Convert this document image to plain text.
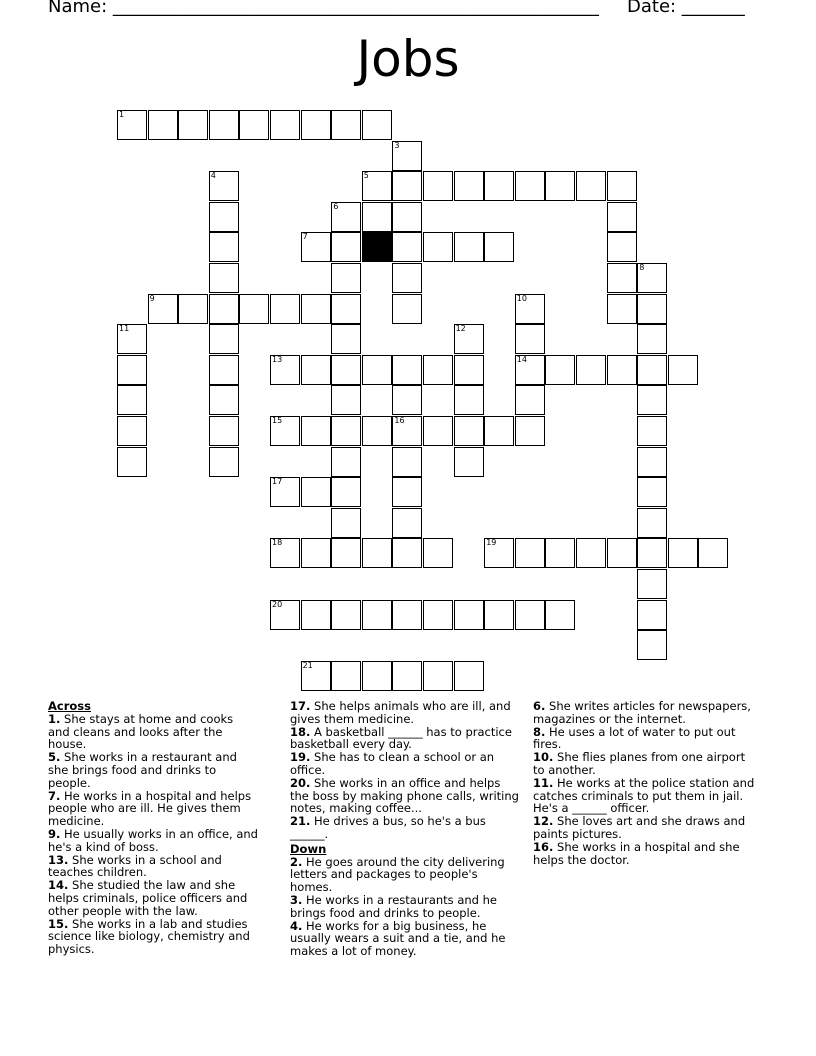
Name: ______________________________________________________ Date: _______
Jobs
1
3
4	5
6
7
9	10
14
8
11	12
13
15	16
17
18	19
20
21
Across
1. She stays at home and cooks and cleans and looks after the house.
5. She works in a restaurant and she brings food and drinks to people.
7. He works in a hospital and helps people who are ill. He gives them medicine.
9. He usually works in an office, and he's a kind of boss.
13. She works in a school and teaches children.
14. She studied the law and she helps criminals, police officers and other people with the law.
15. She works in a lab and studies science like biology, chemistry and physics.
17. She helps animals who are ill, and gives them medicine.
18. A basketball ______ has to practice basketball every day.
19. She has to clean a school or an office.
20. She works in an office and helps the boss by making phone calls, writing notes, making coffee...
21. He drives a bus, so he's a bus ______.
Down
2. He goes around the city delivering letters and packages to people's homes.
3. He works in a restaurants and he brings food and drinks to people.
4. He works for a big business, he usually wears a suit and a tie, and he makes a lot of money.
6. She writes articles for newspapers, magazines or the internet.
8. He uses a lot of water to put out fires.
10. She flies planes from one airport to another.
11. He works at the police station and catches criminals to put them in jail. He's a ______ officer.
12. She loves art and she draws and paints pictures.
16. She works in a hospital and she helps the doctor.
